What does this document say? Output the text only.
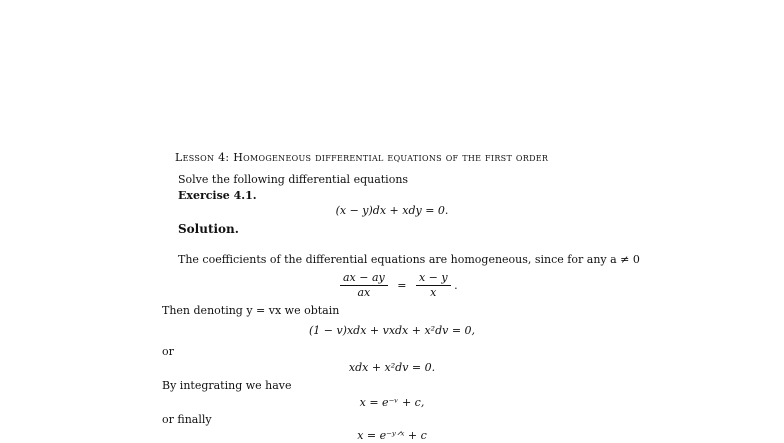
Lesson 4: Homogeneous differential equations of the first order
Solve the following differential equations
Exercise 4.1.
(x − y)dx + xdy = 0.
Solution.
The coefficients of the differential equations are homogeneous, since for any a ≠ 0
$\frac{ax - ay}{ax} = \frac{x - y}{x}$ .
Then denoting y = vx we obtain
(1 − v)xdx + vxdx + x²dv = 0,
or
xdx + x²dv = 0.
By integrating we have
x = e⁻ᵛ + c,
or finally
x = e⁻ʸᐟˣ + c
